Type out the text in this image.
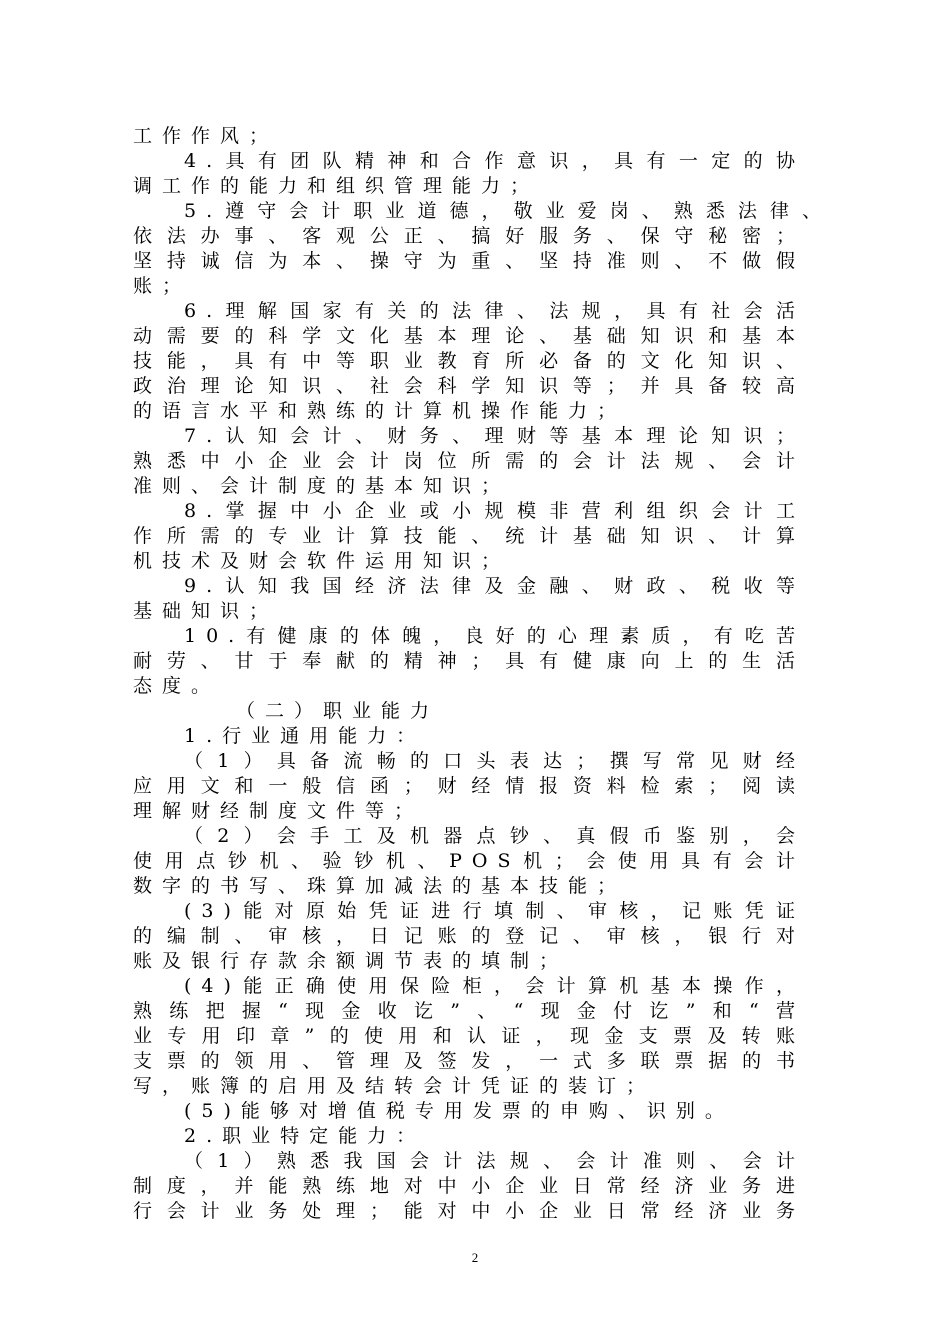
工作作风；
4.具有团队精神和合作意识，具有一定的协
调工作的能力和组织管理能力；
5.遵守会计职业道德，敬业爱岗、熟悉法律、
依法办事、客观公正、搞好服务、保守秘密；
坚持诚信为本、操守为重、坚持准则、不做假
账；
6.理解国家有关的法律、法规，具有社会活
动需要的科学文化基本理论、基础知识和基本
技能，具有中等职业教育所必备的文化知识、
政治理论知识、社会科学知识等；并具备较高
的语言水平和熟练的计算机操作能力；
7.认知会计、财务、理财等基本理论知识；
熟悉中小企业会计岗位所需的会计法规、会计
准则、会计制度的基本知识；
8.掌握中小企业或小规模非营利组织会计工
作所需的专业计算技能、统计基础知识、计算
机技术及财会软件运用知识；
9.认知我国经济法律及金融、财政、税收等
基础知识；
10.有健康的体魄，良好的心理素质，有吃苦
耐劳、甘于奉献的精神；具有健康向上的生活
态度。
（二）职业能力
1.行业通用能力：
（1）具备流畅的口头表达；撰写常见财经
应用文和一般信函；财经情报资料检索；阅读
理解财经制度文件等；
（2）会手工及机器点钞、真假币鉴别，会
使用点钞机、验钞机、POS机；会使用具有会计
数字的书写、珠算加减法的基本技能；
(3)能对原始凭证进行填制、审核，记账凭证
的编制、审核，日记账的登记、审核，银行对
账及银行存款余额调节表的填制；
(4)能正确使用保险柜，会计算机基本操作，
熟练把握“现金收讫”、“现金付讫”和“营
业专用印章”的使用和认证，现金支票及转账
支票的领用、管理及签发，一式多联票据的书
写，账簿的启用及结转会计凭证的装订；
(5)能够对增值税专用发票的申购、识别。
2.职业特定能力：
（1）熟悉我国会计法规、会计准则、会计
制度，并能熟练地对中小企业日常经济业务进
行会计业务处理；能对中小企业日常经济业务
2
